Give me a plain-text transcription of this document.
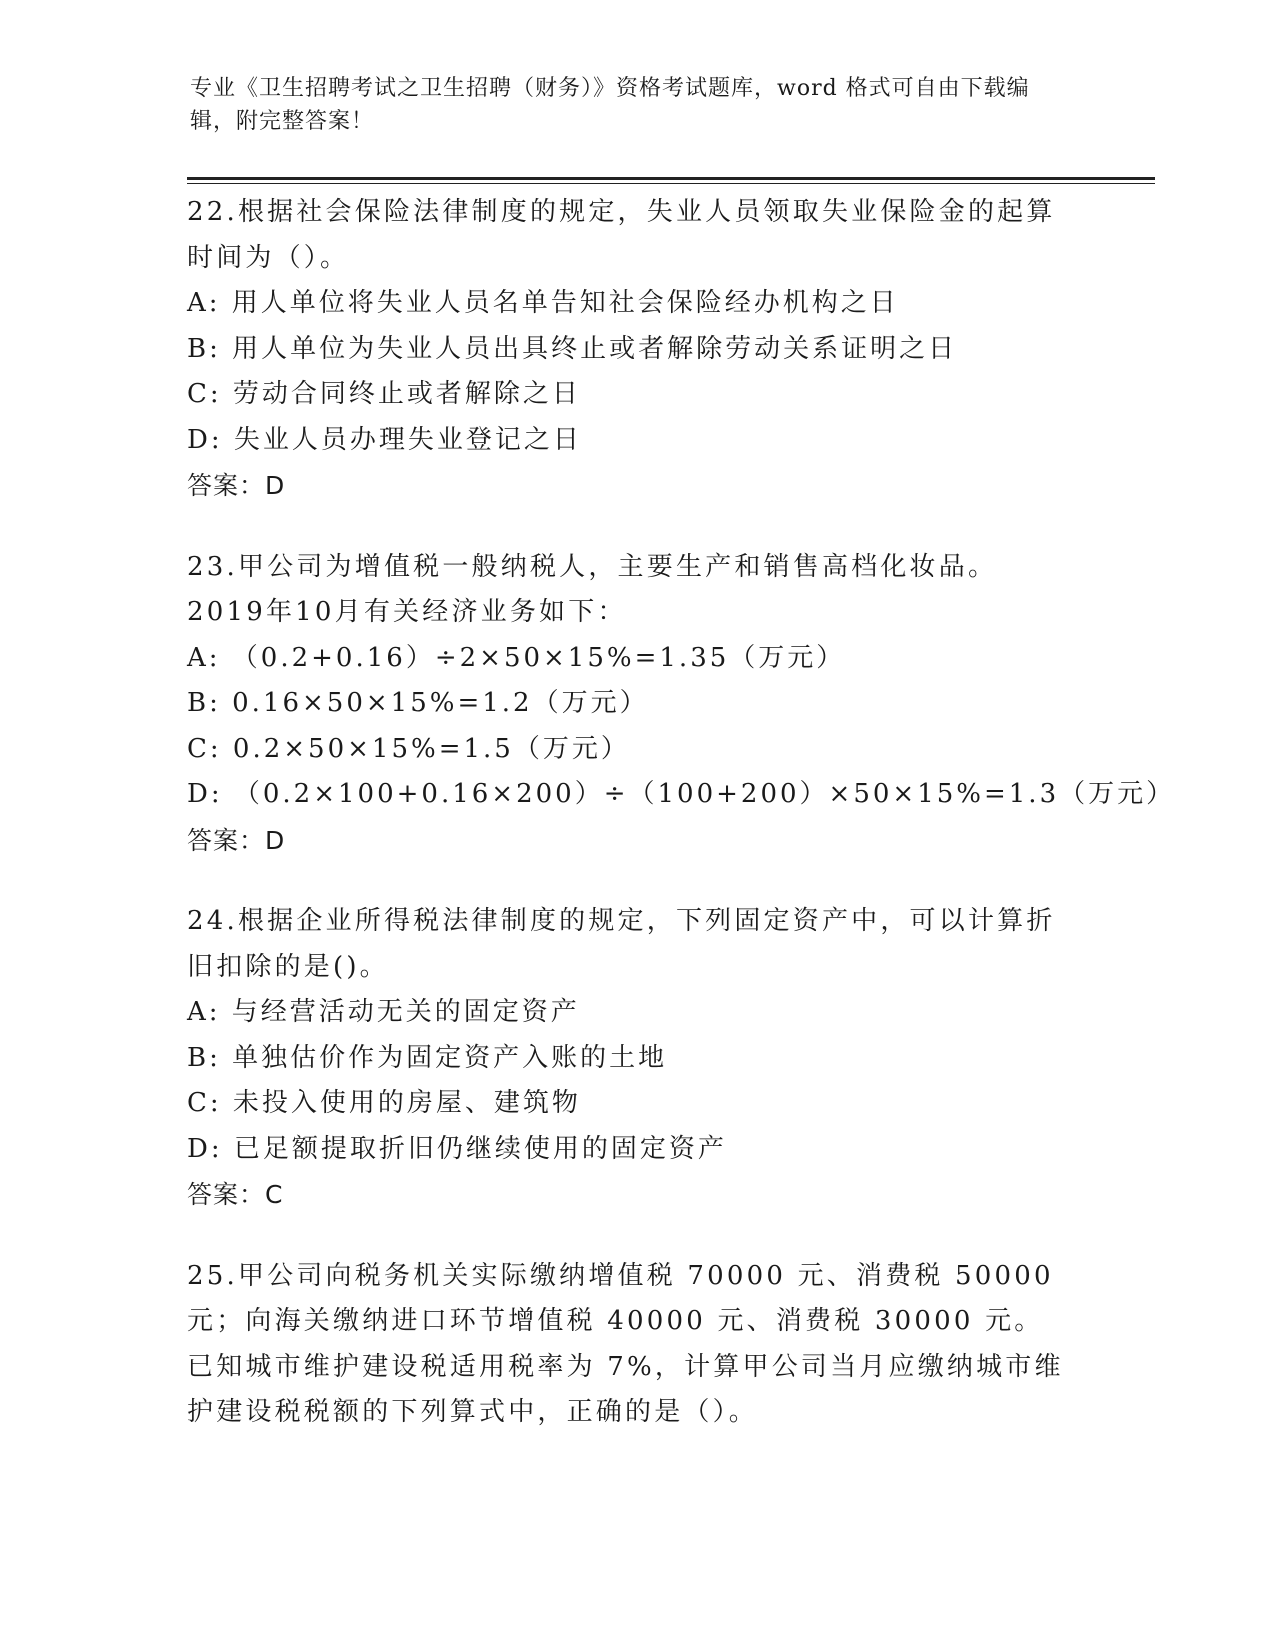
专业《卫生招聘考试之卫生招聘（财务）》资格考试题库，word 格式可自由下载编辑，附完整答案！
22.根据社会保险法律制度的规定，失业人员领取失业保险金的起算时间为（）。
A: 用人单位将失业人员名单告知社会保险经办机构之日
B: 用人单位为失业人员出具终止或者解除劳动关系证明之日
C: 劳动合同终止或者解除之日
D: 失业人员办理失业登记之日
答案：D
23.甲公司为增值税一般纳税人，主要生产和销售高档化妆品。2019年10月有关经济业务如下：
A: （0.2+0.16）÷2×50×15%=1.35（万元）
B: 0.16×50×15%=1.2（万元）
C: 0.2×50×15%=1.5（万元）
D: （0.2×100+0.16×200）÷（100+200）×50×15%=1.3（万元）
答案：D
24.根据企业所得税法律制度的规定，下列固定资产中，可以计算折旧扣除的是()。
A: 与经营活动无关的固定资产
B: 单独估价作为固定资产入账的土地
C: 未投入使用的房屋、建筑物
D: 已足额提取折旧仍继续使用的固定资产
答案：C
25.甲公司向税务机关实际缴纳增值税 70000 元、消费税 50000 元；向海关缴纳进口环节增值税 40000 元、消费税 30000 元。已知城市维护建设税适用税率为 7%，计算甲公司当月应缴纳城市维护建设税税额的下列算式中，正确的是（）。
